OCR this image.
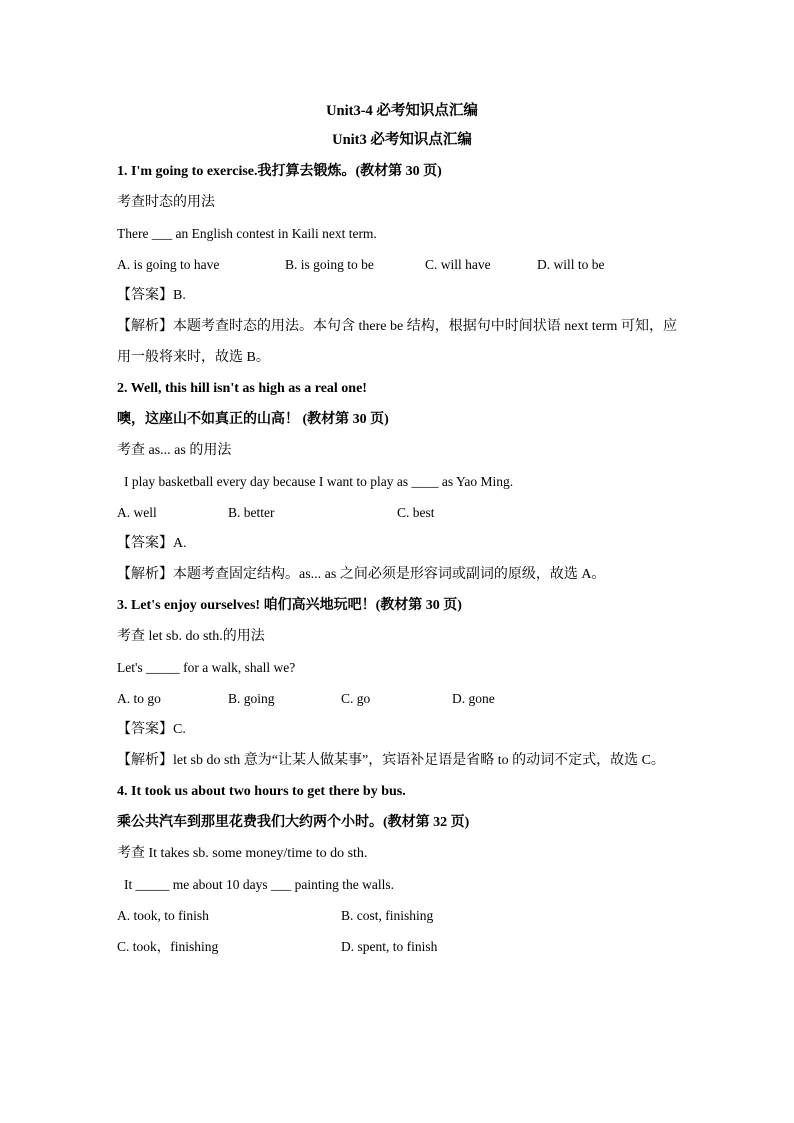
Unit3-4 必考知识点汇编
Unit3 必考知识点汇编
1. I'm going to exercise.我打算去锻炼。(教材第 30 页)
考查时态的用法
There ___ an English contest in Kaili next term.
A. is going to have	B. is going to be	C. will have	D. will to be
【答案】B.
【解析】本题考查时态的用法。本句含 there be 结构，根据句中时间状语 next term 可知，应用一般将来时，故选 B。
2. Well, this hill isn't as high as a real one!
噢，这座山不如真正的山高！ (教材第 30 页)
考查 as... as 的用法
I play basketball every day because I want to play as ____ as Yao Ming.
A. well	B. better	C. best
【答案】A.
【解析】本题考查固定结构。as... as 之间必须是形容词或副词的原级，故选 A。
3. Let's enjoy ourselves! 咱们高兴地玩吧！(教材第 30 页)
考查 let sb. do sth.的用法
Let's _____ for a walk, shall we?
A. to go	B. going	C. go	D. gone
【答案】C.
【解析】let sb do sth 意为“让某人做某事”，宾语补足语是省略 to 的动词不定式，故选 C。
4. It took us about two hours to get there by bus.
乘公共汽车到那里花费我们大约两个小时。(教材第 32 页)
考查 It takes sb. some money/time to do sth.
It _____ me about 10 days ___ painting the walls.
A. took, to finish	B. cost, finishing
C. took，finishing	D. spent, to finish
